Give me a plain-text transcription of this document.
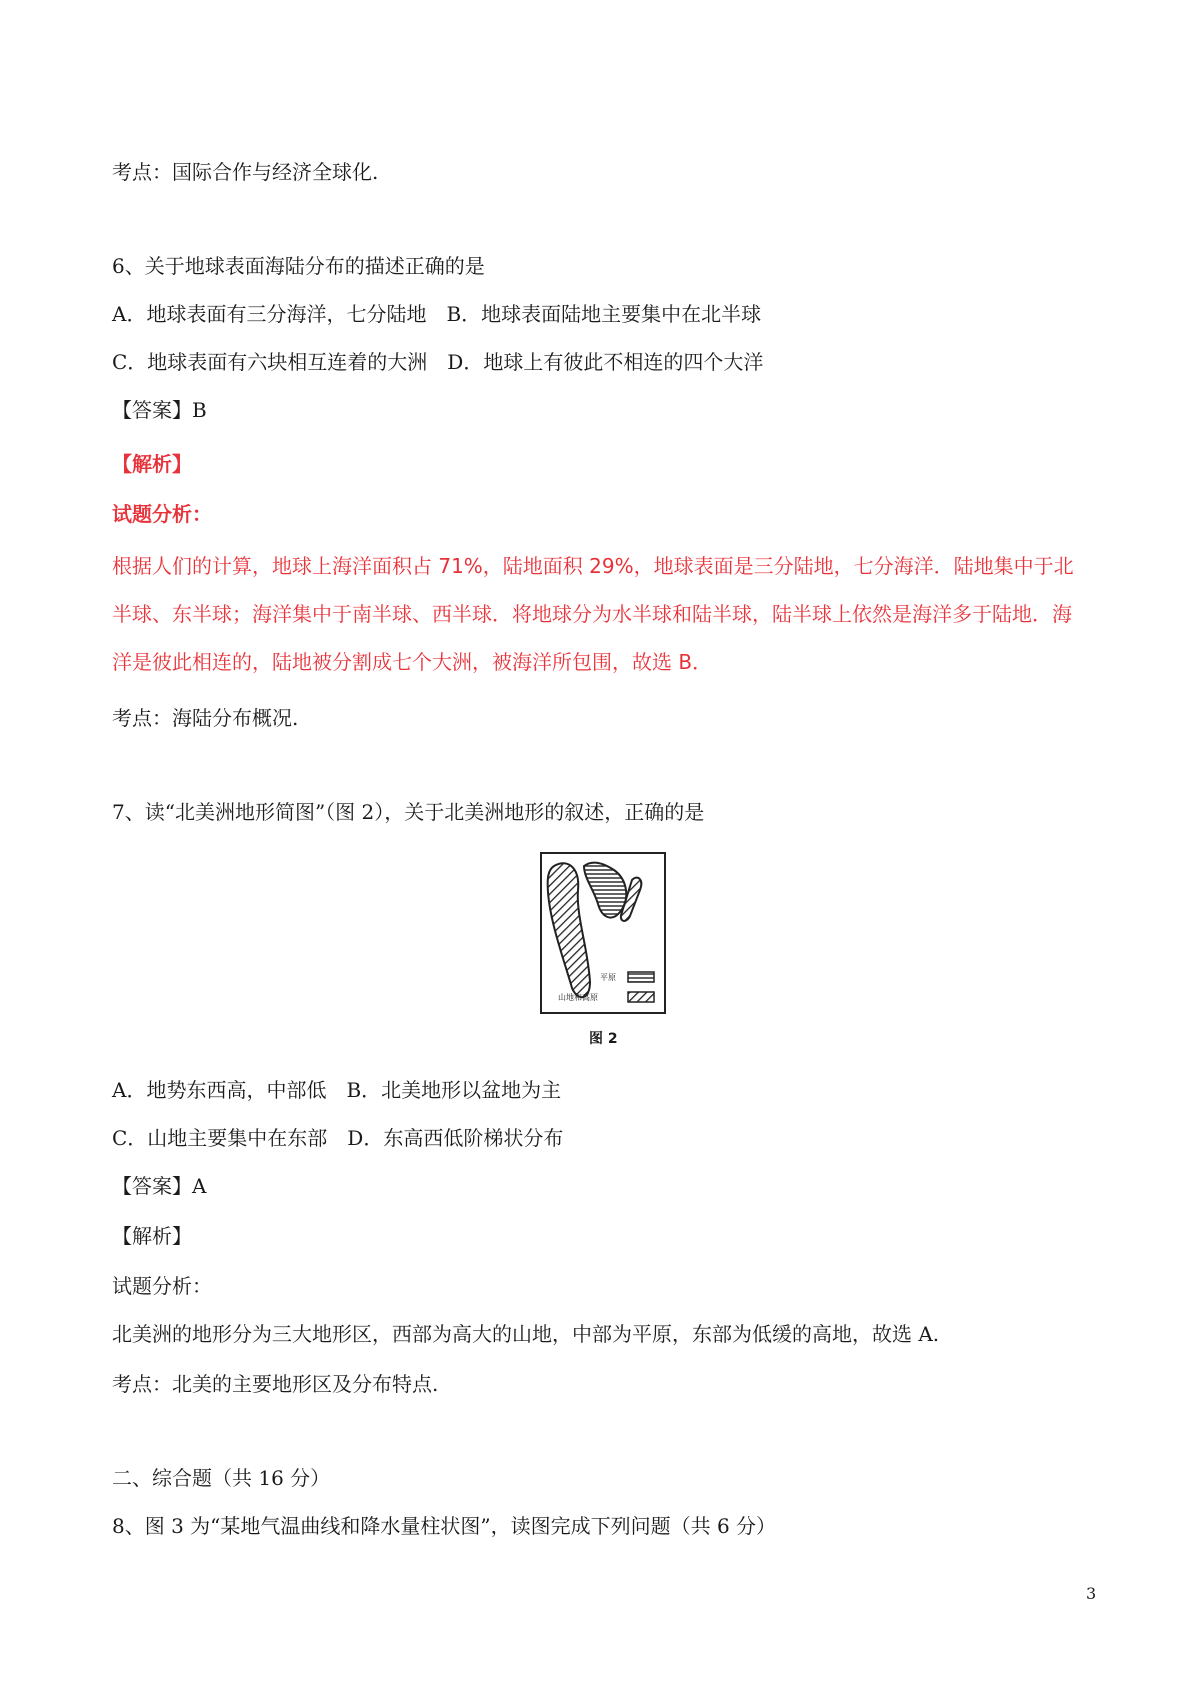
考点：国际合作与经济全球化.
6、关于地球表面海陆分布的描述正确的是
A．地球表面有三分海洋，七分陆地　B．地球表面陆地主要集中在北半球
C．地球表面有六块相互连着的大洲　D．地球上有彼此不相连的四个大洋
【答案】B
【解析】
试题分析：
根据人们的计算，地球上海洋面积占 71%，陆地面积 29%，地球表面是三分陆地，七分海洋．陆地集中于北
半球、东半球；海洋集中于南半球、西半球．将地球分为水半球和陆半球，陆半球上依然是海洋多于陆地．海
洋是彼此相连的，陆地被分割成七个大洲，被海洋所包围，故选 B．
考点：海陆分布概况.
7、读“北美洲地形简图”（图 2），关于北美洲地形的叙述，正确的是
平原
山地和高原
图 2
A．地势东西高，中部低　B．北美地形以盆地为主
C．山地主要集中在东部　D．东高西低阶梯状分布
【答案】A
【解析】
试题分析：
北美洲的地形分为三大地形区，西部为高大的山地，中部为平原，东部为低缓的高地，故选 A.
考点：北美的主要地形区及分布特点.
二、综合题（共 16 分）
8、图 3 为“某地气温曲线和降水量柱状图”，读图完成下列问题（共 6 分）
3
